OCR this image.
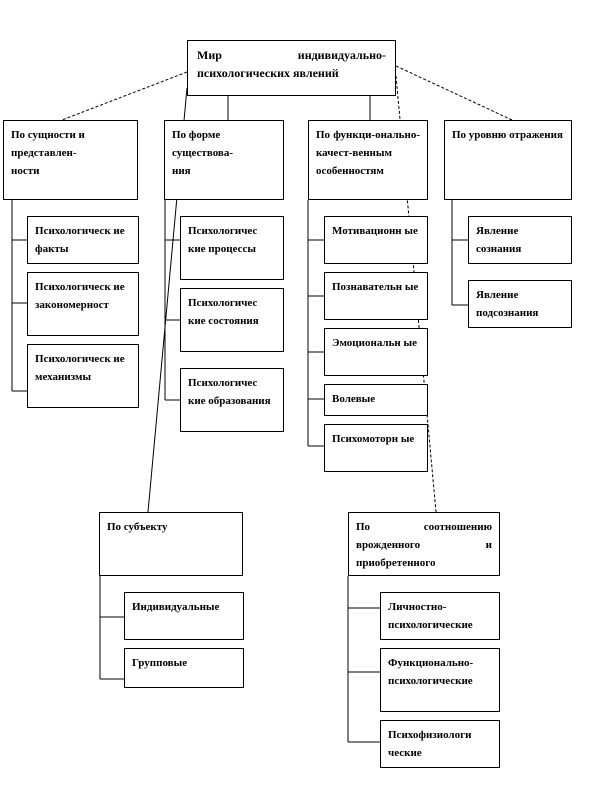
Мир индивидуально-психологических явлений
По сущности и представлен-
ности
Психологическ ие факты
Психологическ ие закономерност
Психологическ ие механизмы
По форме существова-
ния
Психологичес кие процессы
Психологичес кие состояния
Психологичес кие образования
По функци-онально-качест-венным особенностям
Мотивационн ые
Познавательн ые
Эмоциональн ые
Волевые
Психомоторн ые
По уровню отражения
Явление сознания
Явление подсознания
По субъекту
Индивидуальные
Групповые
По соотношению врожденного и приобретенного
Личностно-психологические
Функционально-психологические
Психофизиологи ческие
